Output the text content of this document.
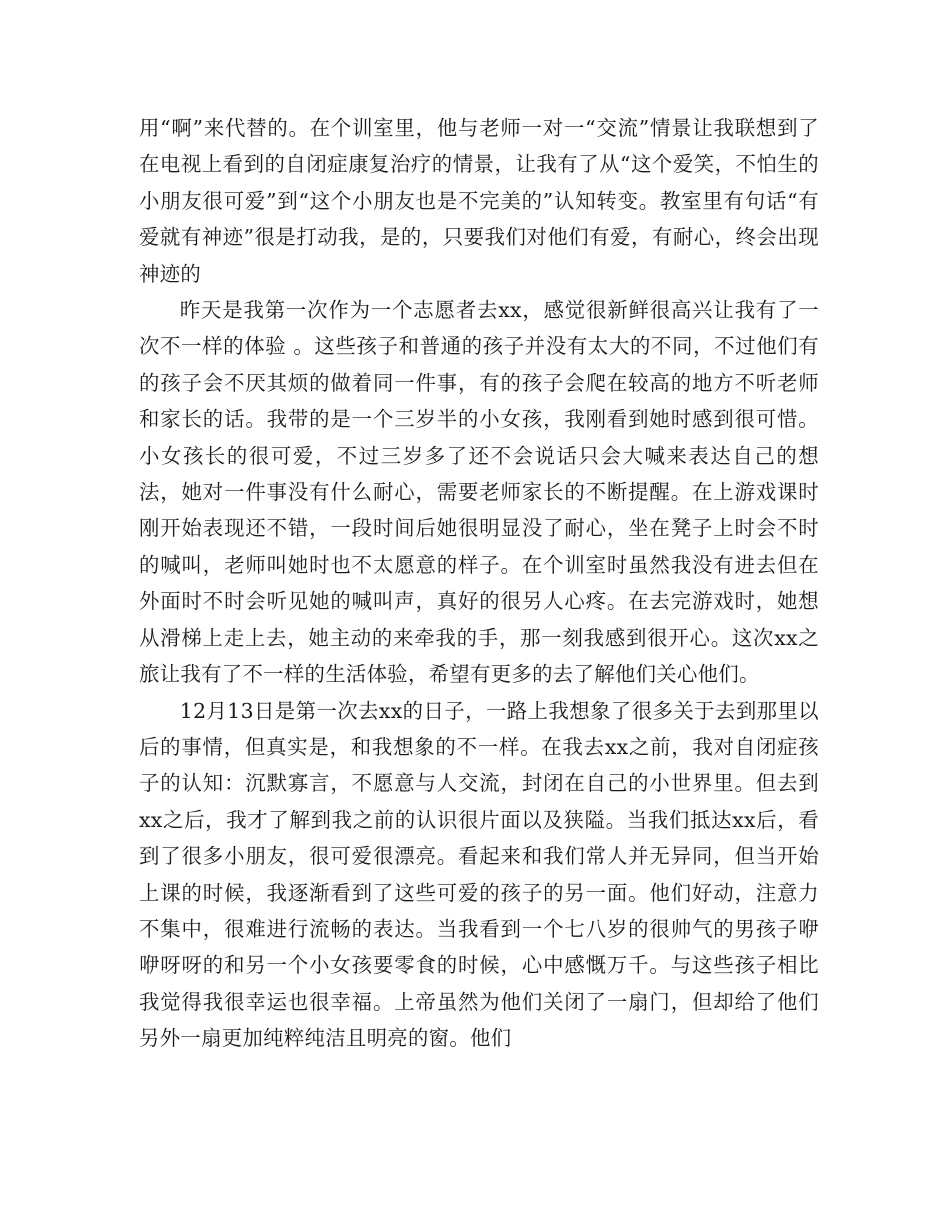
用“啊”来代替的。在个训室里，他与老师一对一“交流”情景让我联想到了在电视上看到的自闭症康复治疗的情景，让我有了从“这个爱笑，不怕生的小朋友很可爱”到“这个小朋友也是不完美的”认知转变。教室里有句话“有爱就有神迹”很是打动我，是的，只要我们对他们有爱，有耐心，终会出现神迹的

昨天是我第一次作为一个志愿者去xx，感觉很新鲜很高兴让我有了一次不一样的体验 。这些孩子和普通的孩子并没有太大的不同，不过他们有的孩子会不厌其烦的做着同一件事，有的孩子会爬在较高的地方不听老师和家长的话。我带的是一个三岁半的小女孩，我刚看到她时感到很可惜。小女孩长的很可爱，不过三岁多了还不会说话只会大喊来表达自己的想法，她对一件事没有什么耐心，需要老师家长的不断提醒。在上游戏课时刚开始表现还不错，一段时间后她很明显没了耐心，坐在凳子上时会不时的喊叫，老师叫她时也不太愿意的样子。在个训室时虽然我没有进去但在外面时不时会听见她的喊叫声，真好的很另人心疼。在去完游戏时，她想从滑梯上走上去，她主动的来牵我的手，那一刻我感到很开心。这次xx之旅让我有了不一样的生活体验，希望有更多的去了解他们关心他们。

12月13日是第一次去xx的日子，一路上我想象了很多关于去到那里以后的事情，但真实是，和我想象的不一样。在我去xx之前，我对自闭症孩子的认知：沉默寡言，不愿意与人交流，封闭在自己的小世界里。但去到xx之后，我才了解到我之前的认识很片面以及狭隘。当我们抵达xx后，看到了很多小朋友，很可爱很漂亮。看起来和我们常人并无异同，但当开始上课的时候，我逐渐看到了这些可爱的孩子的另一面。他们好动，注意力不集中，很难进行流畅的表达。当我看到一个七八岁的很帅气的男孩子咿咿呀呀的和另一个小女孩要零食的时候，心中感慨万千。与这些孩子相比我觉得我很幸运也很幸福。上帝虽然为他们关闭了一扇门，但却给了他们另外一扇更加纯粹纯洁且明亮的窗。他们
